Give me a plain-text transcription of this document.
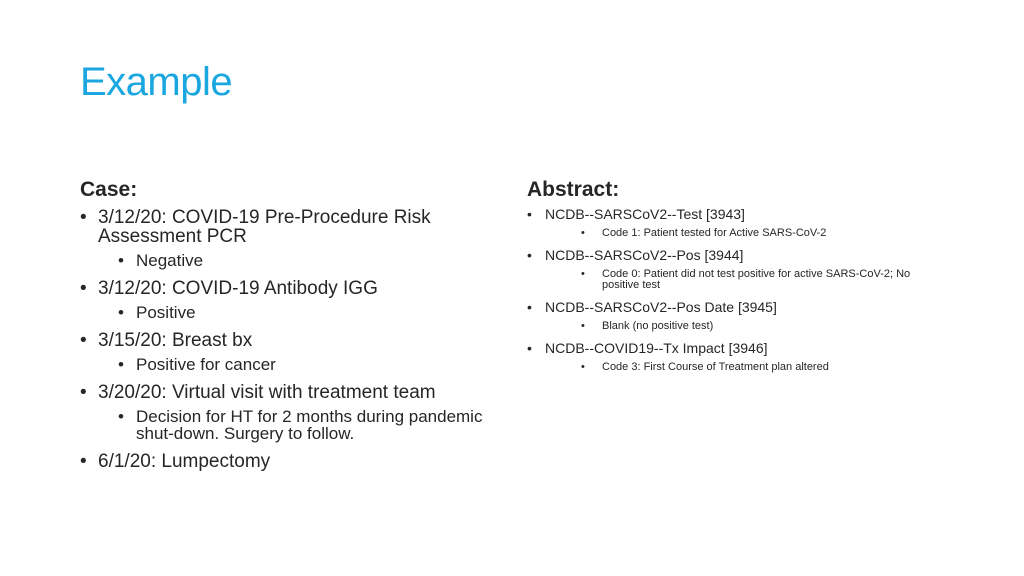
Example
Case:
• 3/12/20: COVID-19 Pre-Procedure Risk Assessment PCR
• Negative
• 3/12/20: COVID-19 Antibody IGG
• Positive
• 3/15/20: Breast bx
• Positive for cancer
• 3/20/20: Virtual visit with treatment team
• Decision for HT for 2 months during pandemic shut-down. Surgery to follow.
• 6/1/20: Lumpectomy
Abstract:
• NCDB--SARSCoV2--Test [3943]
• Code 1: Patient tested for Active SARS-CoV-2
• NCDB--SARSCoV2--Pos [3944]
• Code 0: Patient did not test positive for active SARS-CoV-2; No positive test
• NCDB--SARSCoV2--Pos Date [3945]
• Blank (no positive test)
• NCDB--COVID19--Tx Impact [3946]
• Code 3: First Course of Treatment plan altered
